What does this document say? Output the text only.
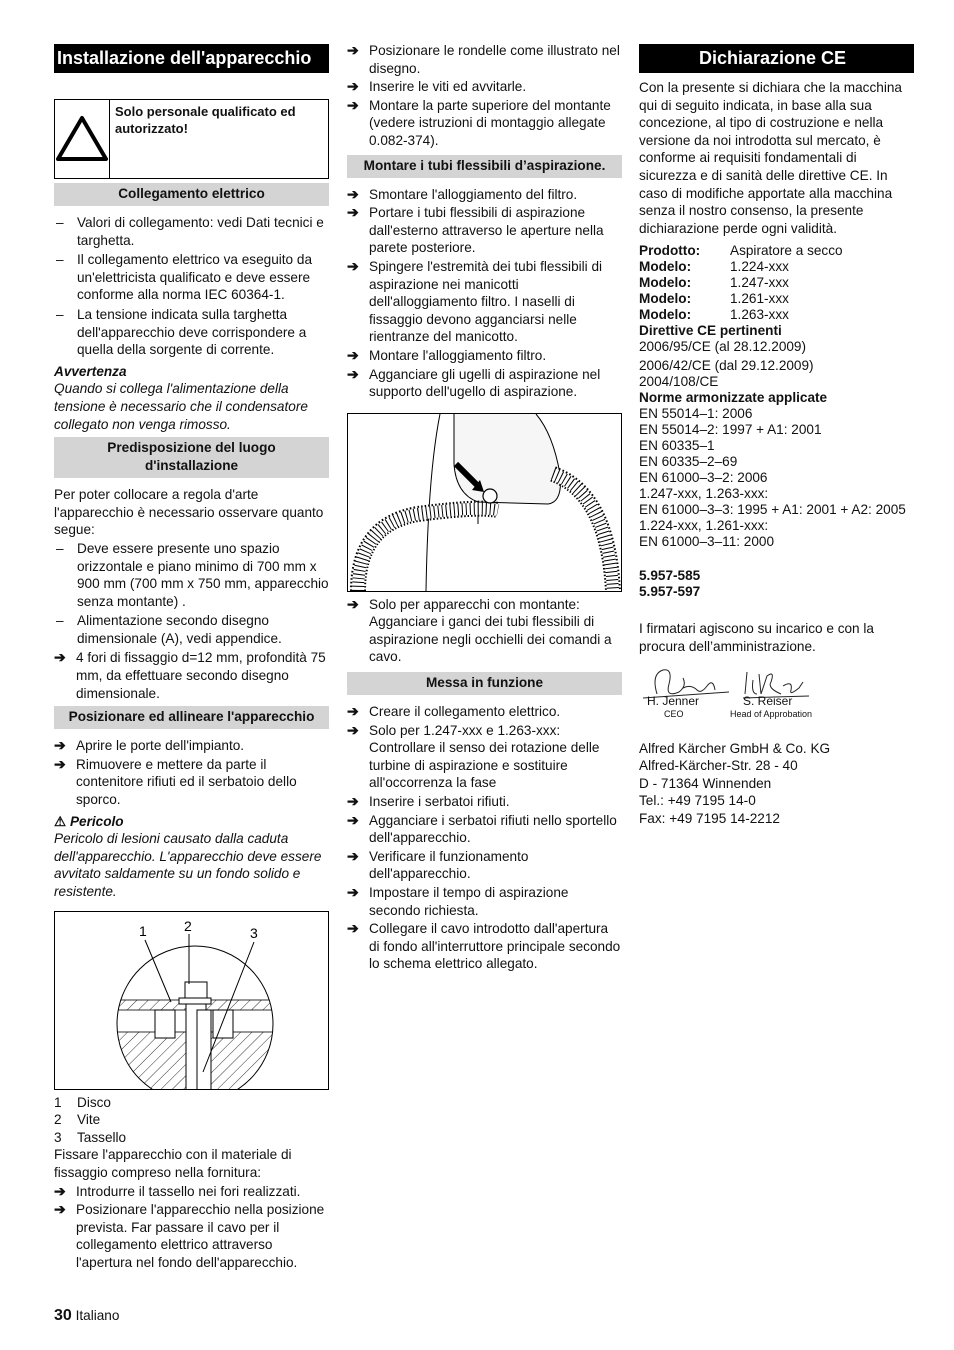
Installazione dell'apparecchio
Solo personale qualificato ed autorizzato!
Collegamento elettrico
– Valori di collegamento: vedi Dati tecnici e targhetta.
– Il collegamento elettrico va eseguito da un'elettricista qualificato e deve essere conforme alla norma IEC 60364-1.
– La tensione indicata sulla targhetta dell'apparecchio deve corrispondere a quella della sorgente di corrente.
Avvertenza
Quando si collega l'alimentazione della tensione è necessario che il condensatore collegato non venga rimosso.
Predisposizione del luogo d'installazione
Per poter collocare a regola d'arte l'apparecchio è necessario osservare quanto segue:
– Deve essere presente uno spazio orizzontale e piano minimo di 700 mm x 900 mm (700 mm x 750 mm, apparecchio senza montante) .
– Alimentazione secondo disegno dimensionale (A), vedi appendice.
➔ 4 fori di fissaggio d=12 mm, profondità 75 mm, da effettuare secondo disegno dimensionale.
Posizionare ed allineare l'apparecchio
➔ Aprire le porte dell'impianto.
➔ Rimuovere e mettere da parte il contenitore rifiuti ed il serbatoio dello sporco.
⚠ Pericolo
Pericolo di lesioni causato dalla caduta dell'apparecchio. L'apparecchio deve essere avvitato saldamente su un fondo solido e resistente.
1	2	3
1	Disco
2	Vite
3	Tassello
Fissare l'apparecchio con il materiale di fissaggio compreso nella fornitura:
➔ Introdurre il tassello nei fori realizzati.
➔ Posizionare l'apparecchio nella posizione prevista. Far passare il cavo per il collegamento elettrico attraverso l'apertura nel fondo dell'apparecchio.
➔ Posizionare le rondelle come illustrato nel disegno.
➔ Inserire le viti ed avvitarle.
➔ Montare la parte superiore del montante (vedere istruzioni di montaggio allegate 0.082-374).
Montare i tubi flessibili d’aspirazione.
➔ Smontare l'alloggiamento del filtro.
➔ Portare i tubi flessibili di aspirazione dall'esterno attraverso le aperture nella parete posteriore.
➔ Spingere l'estremità dei tubi flessibili di aspirazione nei manicotti dell'alloggiamento filtro. I naselli di fissaggio devono agganciarsi nelle rientranze del manicotto.
➔ Montare l'alloggiamento filtro.
➔ Agganciare gli ugelli di aspirazione nel supporto dell'ugello di aspirazione.
➔ Solo per apparecchi con montante: Agganciare i ganci dei tubi flessibili di aspirazione negli occhielli dei comandi a cavo.
Messa in funzione
➔ Creare il collegamento elettrico.
➔ Solo per 1.247-xxx e 1.263-xxx: Controllare il senso dei rotazione delle turbine di aspirazione e sostituire all'occorrenza la fase
➔ Inserire i serbatoi rifiuti.
➔ Agganciare i serbatoi rifiuti nello sportello dell'apparecchio.
➔ Verificare il funzionamento dell'apparecchio.
➔ Impostare il tempo di aspirazione secondo richiesta.
➔ Collegare il cavo introdotto dall'apertura di fondo all'interruttore principale secondo lo schema elettrico allegato.
Dichiarazione CE
Con la presente si dichiara che la macchina qui di seguito indicata, in base alla sua concezione, al tipo di costruzione e nella versione da noi introdotta sul mercato, è conforme ai requisiti fondamentali di sicurezza e di sanità delle direttive CE. In caso di modifiche apportate alla macchina senza il nostro consenso, la presente dichiarazione perde ogni validità.
Prodotto:	Aspiratore a secco
Modelo:	1.224-xxx
Modelo:	1.247-xxx
Modelo:	1.261-xxx
Modelo:	1.263-xxx
Direttive CE pertinenti
2006/95/CE (al 28.12.2009)
2006/42/CE (dal 29.12.2009)
2004/108/CE
Norme armonizzate applicate
EN 55014–1: 2006
EN 55014–2: 1997 + A1: 2001
EN 60335–1
EN 60335–2–69
EN 61000–3–2: 2006
1.247-xxx, 1.263-xxx:
EN 61000–3–3: 1995 + A1: 2001 + A2: 2005
1.224-xxx, 1.261-xxx:
EN 61000–3–11: 2000
5.957-585
5.957-597
I firmatari agiscono su incarico e con la procura dell’amministrazione.
H. Jenner
CEO
S. Reiser
Head of Approbation
Alfred Kärcher GmbH & Co. KG
Alfred-Kärcher-Str. 28 - 40
D - 71364 Winnenden
Tel.: +49 7195 14-0
Fax: +49 7195 14-2212
30 Italiano
